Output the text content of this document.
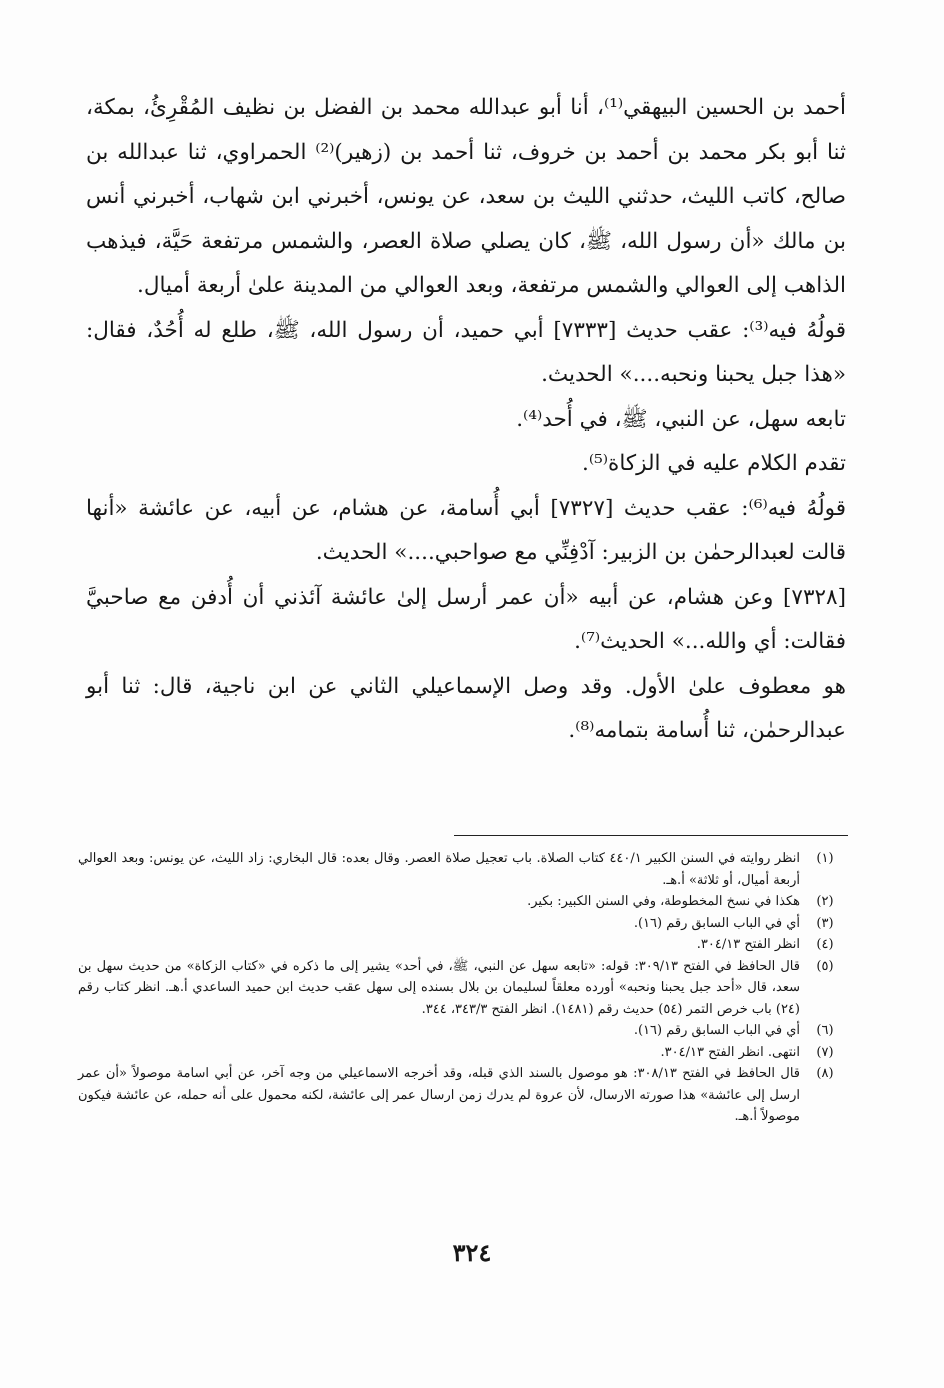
أحمد بن الحسين البيهقي⁽¹⁾، أنا أبو عبدالله محمد بن الفضل بن نظيف المُقْرِئُ، بمكة، ثنا أبو بكر محمد بن أحمد بن خروف، ثنا أحمد بن (زهير)⁽²⁾ الحمراوي، ثنا عبدالله بن صالح، كاتب الليث، حدثني الليث بن سعد، عن يونس، أخبرني ابن شهاب، أخبرني أنس بن مالك «أن رسول الله، ﷺ، كان يصلي صلاة العصر، والشمس مرتفعة حَيَّة، فيذهب الذاهب إلى العوالي والشمس مرتفعة، وبعد العوالي من المدينة علىٰ أربعة أميال.

قولُهُ فيه⁽³⁾: عقب حديث [٧٣٣٣] أبي حميد، أن رسول الله، ﷺ، طلع له أُحُدٌ، فقال: «هذا جبل يحبنا ونحبه....» الحديث.

تابعه سهل، عن النبي، ﷺ، في أُحد⁽⁴⁾.

تقدم الكلام عليه في الزكاة⁽⁵⁾.

قولُهُ فيه⁽⁶⁾: عقب حديث [٧٣٢٧] أبي أُسامة، عن هشام، عن أبيه، عن عائشة «أنها قالت لعبدالرحمٰن بن الزبير: آدْفِنِّي مع صواحبي....» الحديث.

[٧٣٢٨] وعن هشام، عن أبيه «أن عمر أرسل إلىٰ عائشة آئذني أن أُدفن مع صاحبيَّ فقالت: أي والله...» الحديث⁽⁷⁾.

هو معطوف علىٰ الأول. وقد وصل الإسماعيلي الثاني عن ابن ناجية، قال: ثنا أبو عبدالرحمٰن، ثنا أُسامة بتمامه⁽⁸⁾.

(١)
انظر روايته في السنن الكبير ٤٤٠/١ كتاب الصلاة. باب تعجيل صلاة العصر. وقال بعده: قال البخاري: زاد الليث، عن يونس: وبعد العوالي أربعة أميال، أو ثلاثة» أ.هـ.
(٢)
هكذا في نسخ المخطوطة، وفي السنن الكبير: بكير.
(٣)
أي في الباب السابق رقم (١٦).
(٤)
انظر الفتح ٣٠٤/١٣.
(٥)
قال الحافظ في الفتح ٣٠٩/١٣: قوله: «تابعه سهل عن النبي، ﷺ، في أحد» يشير إلى ما ذكره في «كتاب الزكاة» من حديث سهل بن سعد، قال «أحد جبل يحبنا ونحبه» أورده معلقاً لسليمان بن بلال بسنده إلى سهل عقب حديث ابن حميد الساعدي أ.هـ. انظر كتاب رقم (٢٤) باب خرص التمر (٥٤) حديث رقم (١٤٨١). انظر الفتح ٣٤٣/٣، ٣٤٤.
(٦)
أي في الباب السابق رقم (١٦).
(٧)
انتهى. انظر الفتح ٣٠٤/١٣.
(٨)
قال الحافظ في الفتح ٣٠٨/١٣: هو موصول بالسند الذي قبله، وقد أخرجه الاسماعيلي من وجه آخر، عن أبي اسامة موصولاً «أن عمر ارسل إلى عائشة» هذا صورته الارسال، لأن عروة لم يدرك زمن ارسال عمر إلى عائشة، لكنه محمول على أنه حمله، عن عائشة فيكون موصولاً أ.هـ.
٣٢٤
